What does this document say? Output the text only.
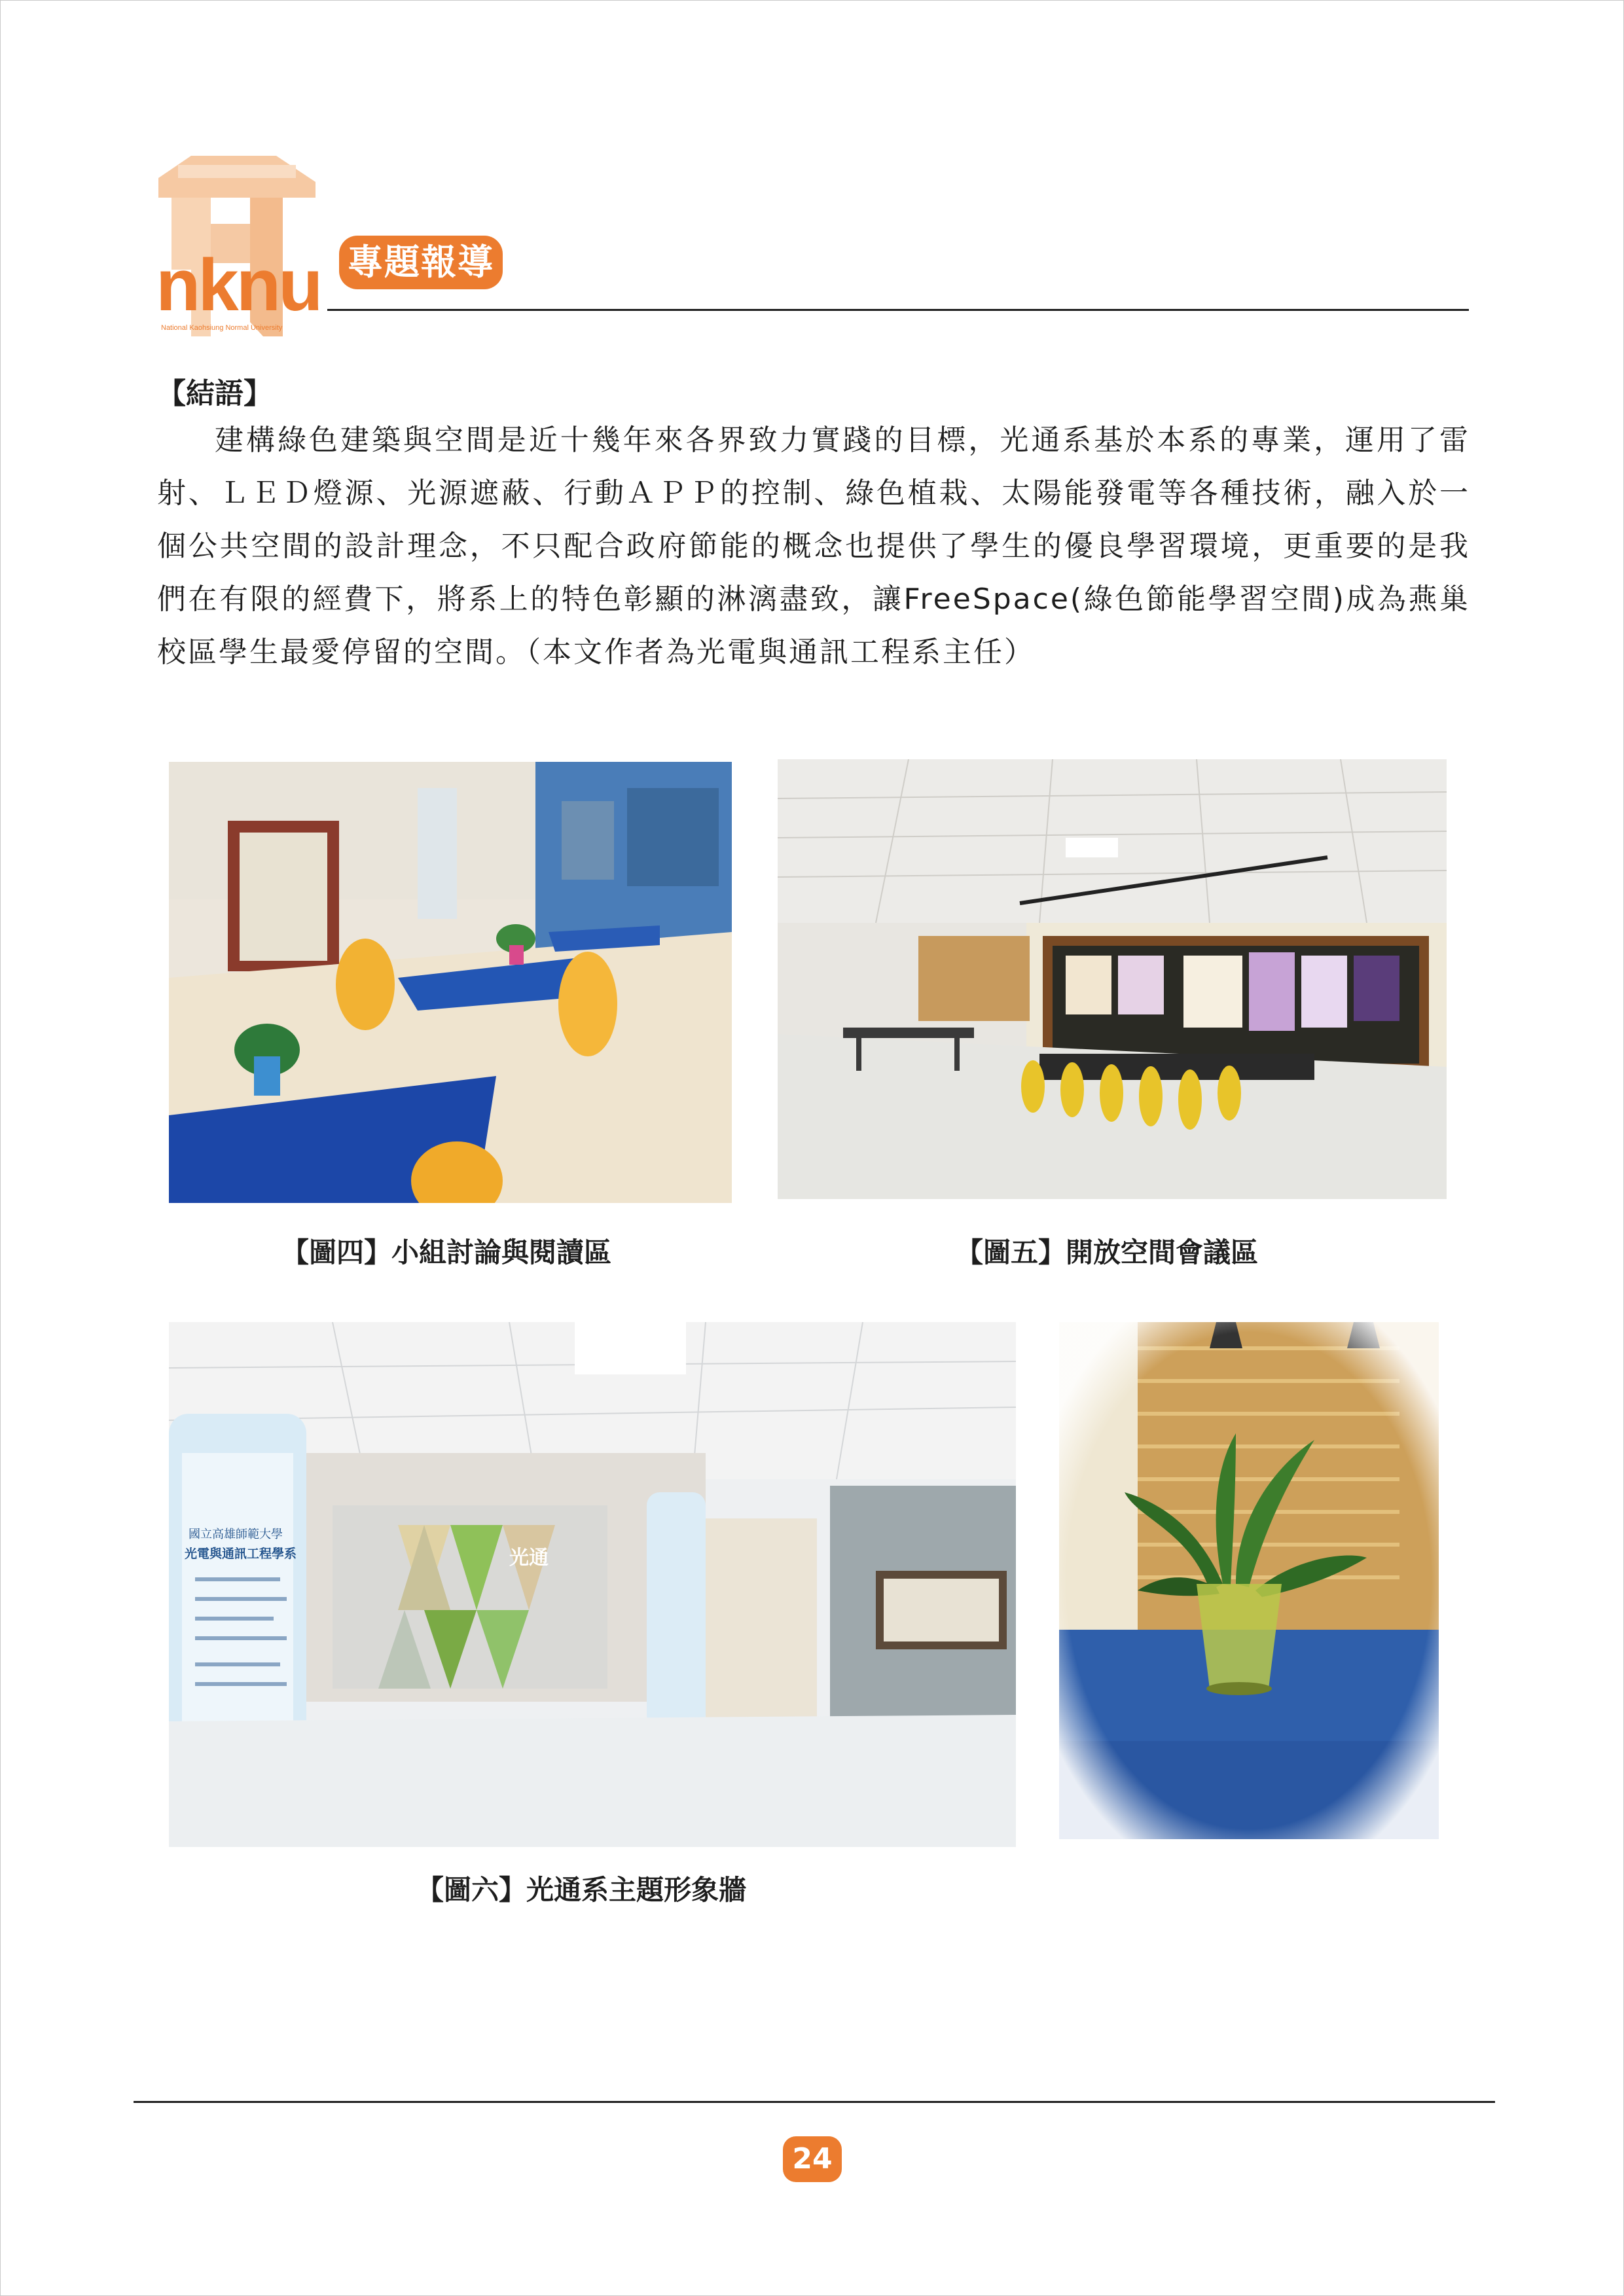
nknu
National Kaohsiung Normal University
專題報導
【結語】
建構綠色建築與空間是近十幾年來各界致力實踐的目標，光通系基於本系的專業，運用了雷射、ＬＥＤ燈源、光源遮蔽、行動ＡＰＰ的控制、綠色植栽、太陽能發電等各種技術，融入於一個公共空間的設計理念，不只配合政府節能的概念也提供了學生的優良學習環境，更重要的是我們在有限的經費下，將系上的特色彰顯的淋漓盡致，讓FreeSpace(綠色節能學習空間)成為燕巢校區學生最愛停留的空間。（本文作者為光電與通訊工程系主任）
【圖四】小組討論與閱讀區	【圖五】開放空間會議區
國立高雄師範大學
光電與通訊工程學系	光通
【圖六】光通系主題形象牆
24
